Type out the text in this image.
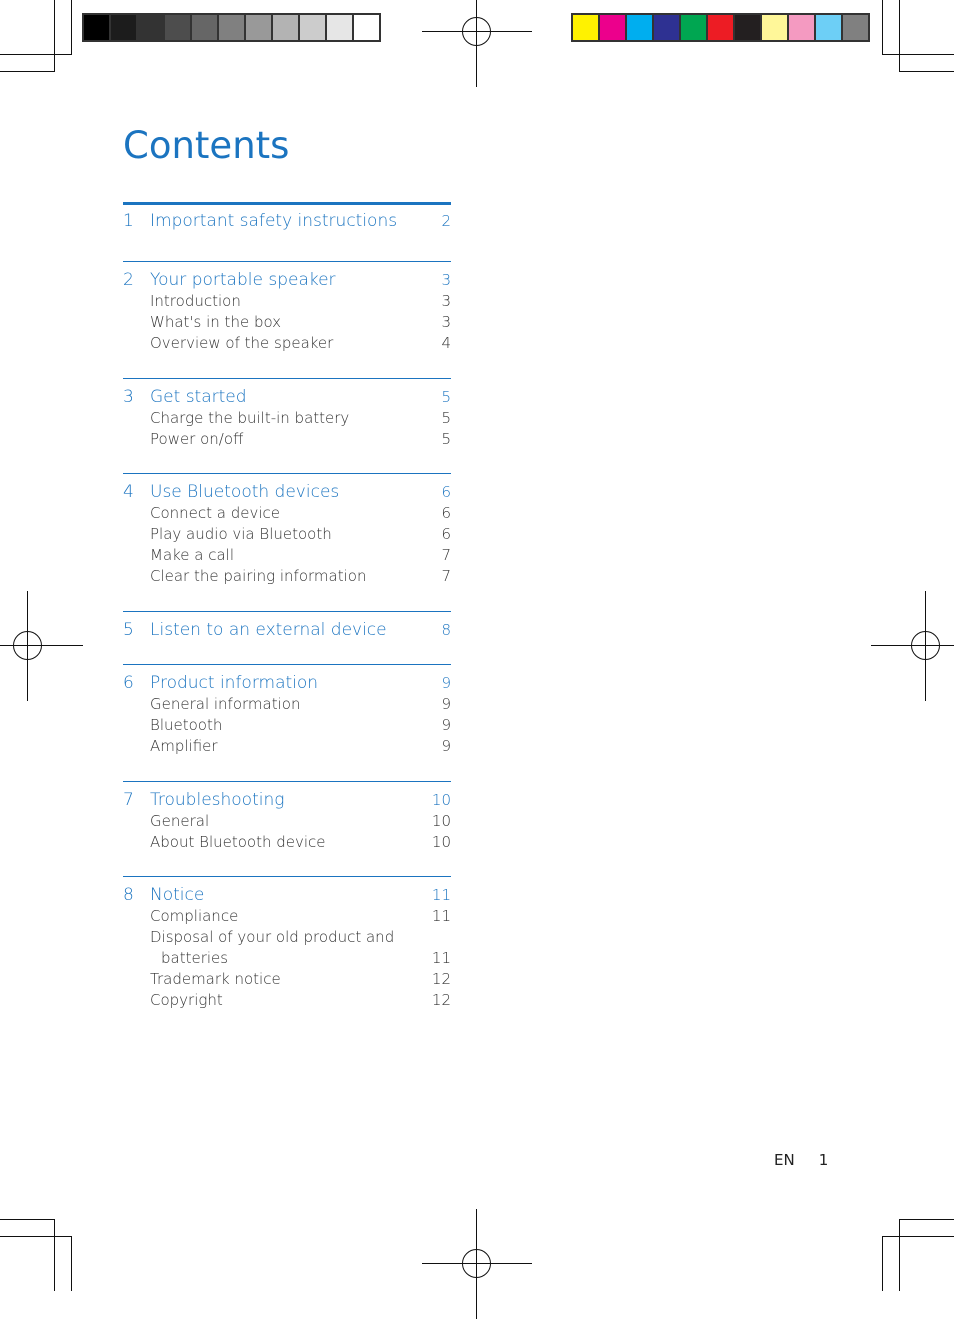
Contents
1 Important safety instructions	2
2 Your portable speaker	3
Introduction	3
What's in the box	3
Overview of the speaker	4
3 Get started	5
Charge the built-in battery	5
Power on/off	5
4 Use Bluetooth devices	6
Connect a device	6
Play audio via Bluetooth	6
Make a call	7
Clear the pairing information	7
5 Listen to an external device	8
6 Product information	9
General information	9
Bluetooth	9
Amplifier	9
7 Troubleshooting	10
General	10
About Bluetooth device	10
8 Notice	11
Compliance	11
Disposal of your old product and
batteries	11
Trademark notice	12
Copyright	12
EN 1
